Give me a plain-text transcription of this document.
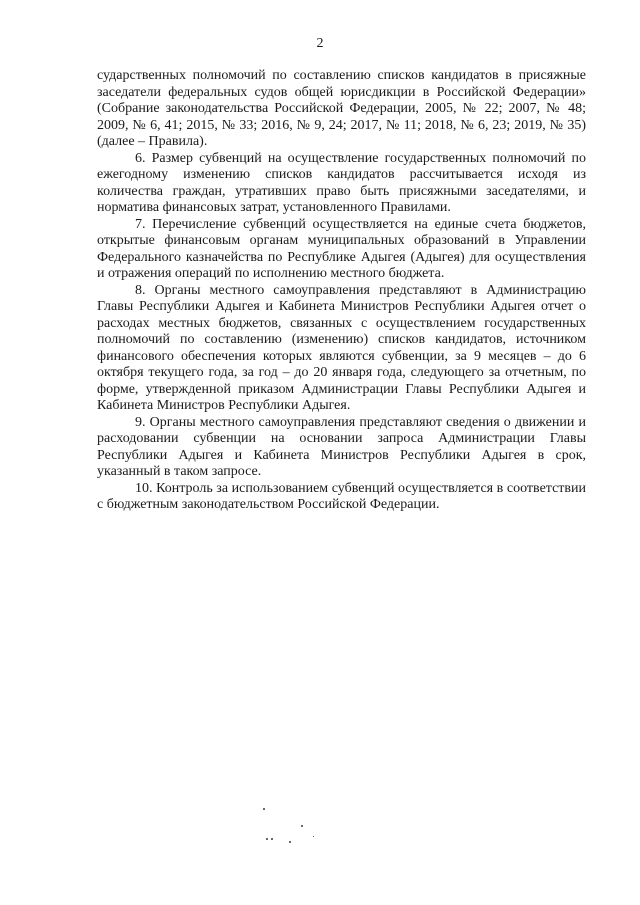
2

сударственных полномочий по составлению списков кандидатов в присяжные заседатели федеральных судов общей юрисдикции в Российской Федерации» (Собрание законодательства Российской Федерации, 2005, № 22; 2007, № 48; 2009, № 6, 41; 2015, № 33; 2016, № 9, 24; 2017, № 11; 2018, № 6, 23; 2019, № 35) (далее – Правила).

6. Размер субвенций на осуществление государственных полномочий по ежегодному изменению списков кандидатов рассчитывается исходя из количества граждан, утративших право быть присяжными заседателями, и норматива финансовых затрат, установленного Правилами.

7. Перечисление субвенций осуществляется на единые счета бюджетов, открытые финансовым органам муниципальных образований в Управлении Федерального казначейства по Республике Адыгея (Адыгея) для осуществления и отражения операций по исполнению местного бюджета.

8. Органы местного самоуправления представляют в Администрацию Главы Республики Адыгея и Кабинета Министров Республики Адыгея отчет о расходах местных бюджетов, связанных с осуществлением государственных полномочий по составлению (изменению) списков кандидатов, источником финансового обеспечения которых являются субвенции, за 9 месяцев – до 6 октября текущего года, за год – до 20 января года, следующего за отчетным, по форме, утвержденной приказом Администрации Главы Республики Адыгея и Кабинета Министров Республики Адыгея.

9. Органы местного самоуправления представляют сведения о движении и расходовании субвенции на основании запроса Администрации Главы Республики Адыгея и Кабинета Министров Республики Адыгея в срок, указанный в таком запросе.

10. Контроль за использованием субвенций осуществляется в соответствии с бюджетным законодательством Российской Федерации.
